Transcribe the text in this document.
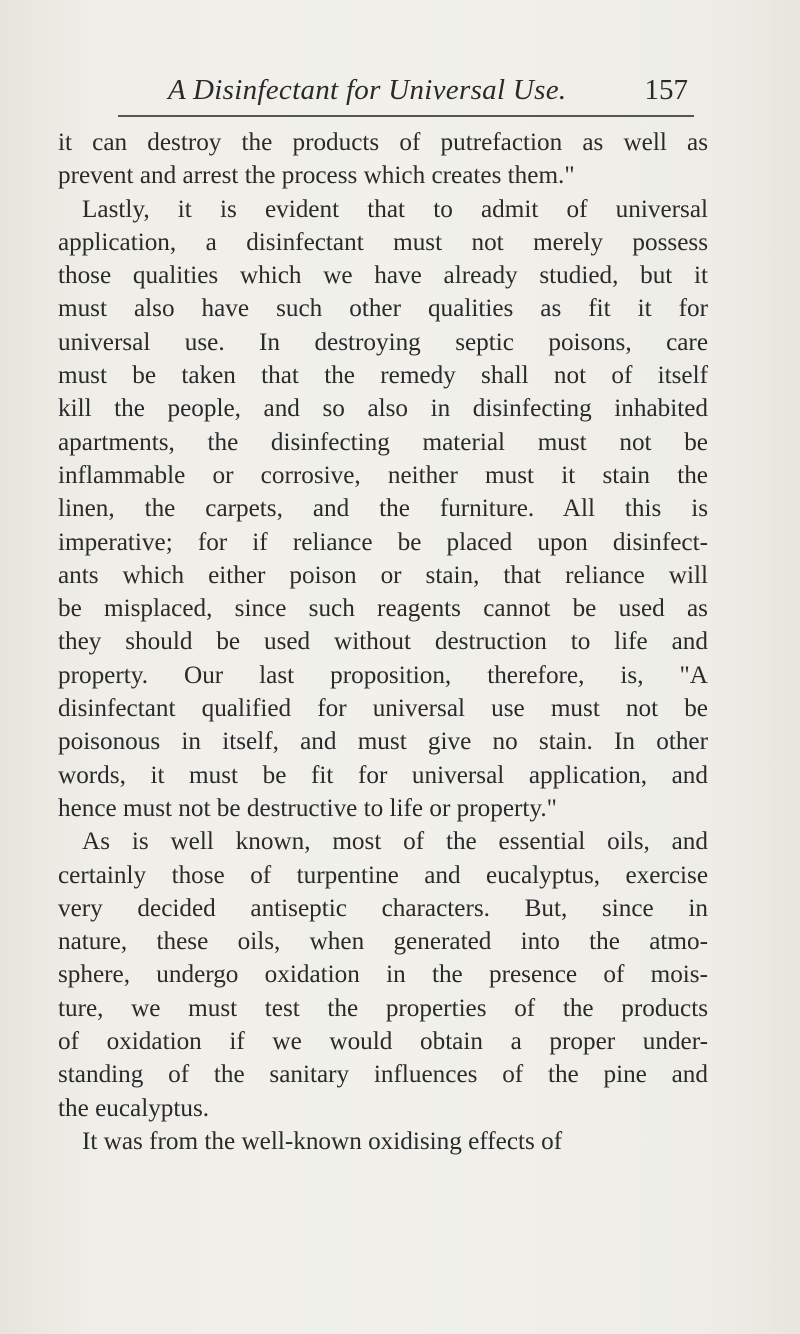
A Disinfectant for Universal Use.	157
it can destroy the products of putrefaction as well as
prevent and arrest the process which creates them."
Lastly, it is evident that to admit of universal
application, a disinfectant must not merely possess
those qualities which we have already studied, but it
must also have such other qualities as fit it for
universal use. In destroying septic poisons, care
must be taken that the remedy shall not of itself
kill the people, and so also in disinfecting inhabited
apartments, the disinfecting material must not be
inflammable or corrosive, neither must it stain the
linen, the carpets, and the furniture. All this is
imperative; for if reliance be placed upon disinfect-
ants which either poison or stain, that reliance will
be misplaced, since such reagents cannot be used as
they should be used without destruction to life and
property. Our last proposition, therefore, is, "A
disinfectant qualified for universal use must not be
poisonous in itself, and must give no stain. In other
words, it must be fit for universal application, and
hence must not be destructive to life or property."
As is well known, most of the essential oils, and
certainly those of turpentine and eucalyptus, exercise
very decided antiseptic characters. But, since in
nature, these oils, when generated into the atmo-
sphere, undergo oxidation in the presence of mois-
ture, we must test the properties of the products
of oxidation if we would obtain a proper under-
standing of the sanitary influences of the pine and
the eucalyptus.
It was from the well-known oxidising effects of
